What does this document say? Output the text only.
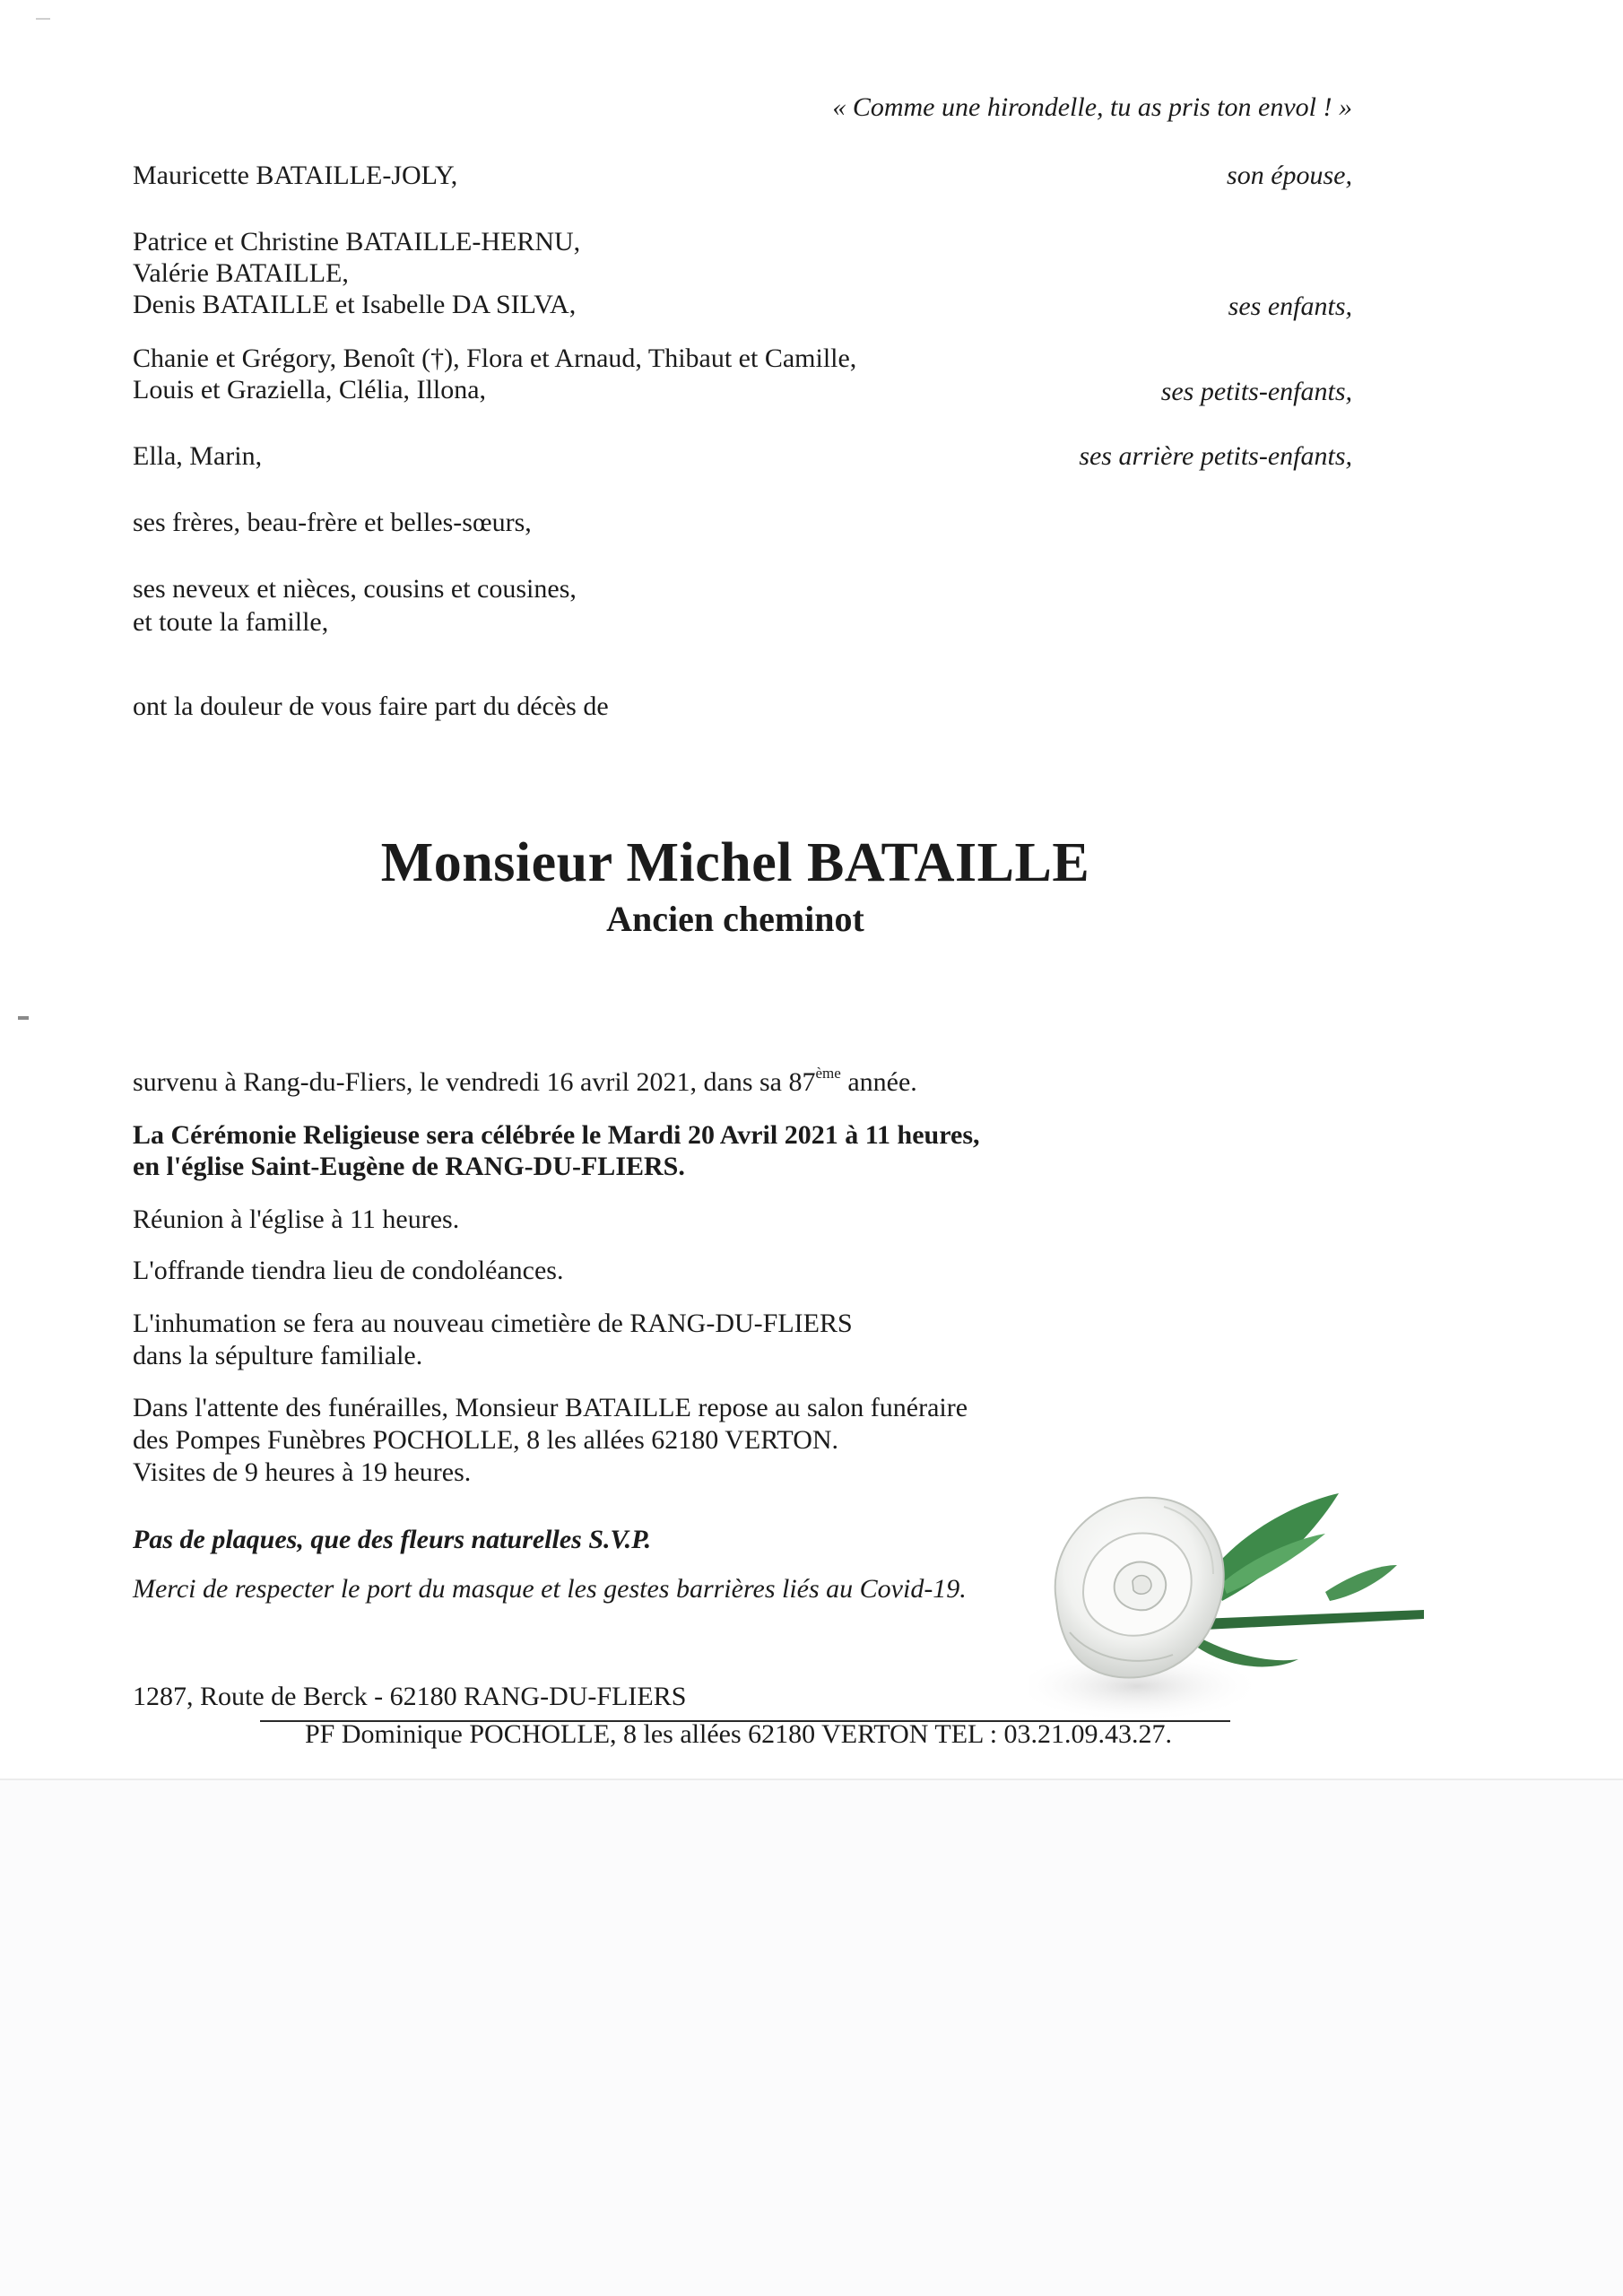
« Comme une hirondelle, tu as pris ton envol ! »
Mauricette BATAILLE-JOLY,	son épouse,
Patrice et Christine BATAILLE-HERNU,
Valérie BATAILLE,
Denis BATAILLE et Isabelle DA SILVA,	ses enfants,
Chanie et Grégory, Benoît (†), Flora et Arnaud, Thibaut et Camille,
Louis et Graziella, Clélia, Illona,	ses petits-enfants,
Ella, Marin,	ses arrière petits-enfants,
ses frères, beau-frère et belles-sœurs,
ses neveux et nièces, cousins et cousines,
et toute la famille,
ont la douleur de vous faire part du décès de
Monsieur Michel BATAILLE
Ancien cheminot
survenu à Rang-du-Fliers, le vendredi 16 avril 2021, dans sa 87ème année.
La Cérémonie Religieuse sera célébrée le Mardi 20 Avril 2021 à 11 heures,
en l'église Saint-Eugène de RANG-DU-FLIERS.
Réunion à l'église à 11 heures.
L'offrande tiendra lieu de condoléances.
L'inhumation se fera au nouveau cimetière de RANG-DU-FLIERS
dans la sépulture familiale.
Dans l'attente des funérailles, Monsieur BATAILLE repose au salon funéraire
des Pompes Funèbres POCHOLLE, 8 les allées 62180 VERTON.
Visites de 9 heures à 19 heures.
Pas de plaques, que des fleurs naturelles S.V.P.
Merci de respecter le port du masque et les gestes barrières liés au Covid-19.
1287, Route de Berck - 62180 RANG-DU-FLIERS
PF Dominique POCHOLLE, 8 les allées 62180 VERTON TEL : 03.21.09.43.27.
